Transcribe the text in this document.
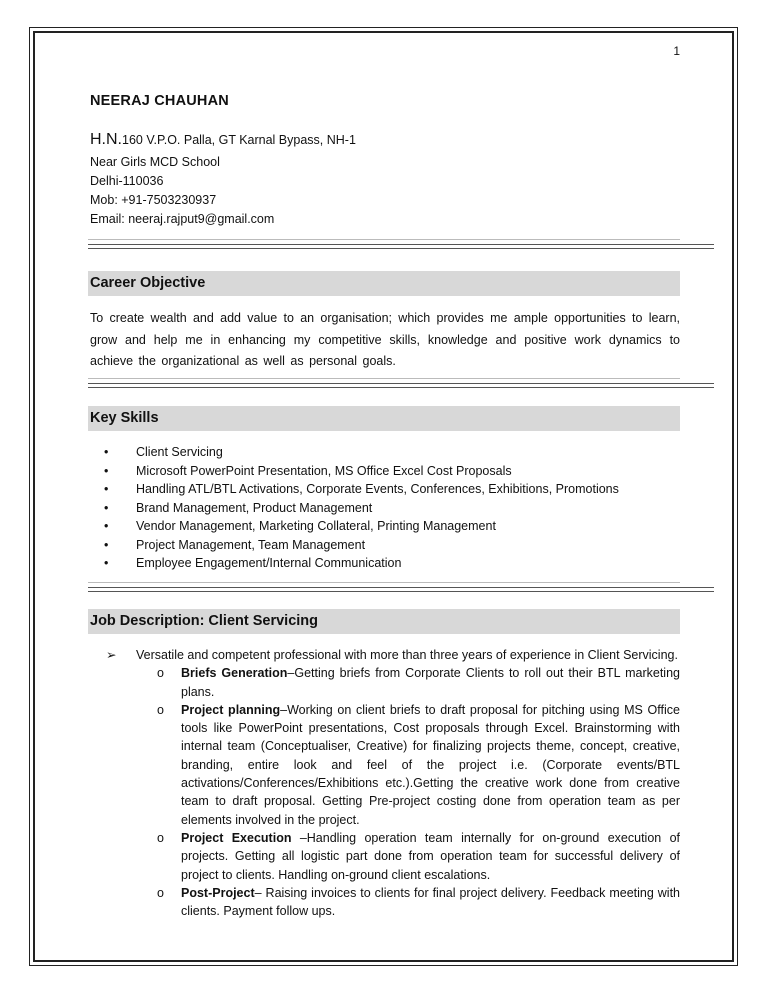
1
NEERAJ CHAUHAN
H.N.160 V.P.O. Palla, GT Karnal Bypass, NH-1
Near Girls MCD School
Delhi-110036
Mob: +91-7503230937
Email: neeraj.rajput9@gmail.com
Career Objective
To create wealth and add value to an organisation; which provides me ample opportunities to learn, grow and help me in enhancing my competitive skills, knowledge and positive work dynamics to achieve the organizational as well as personal goals.
Key Skills
• Client Servicing
• Microsoft PowerPoint Presentation, MS Office Excel Cost Proposals
• Handling ATL/BTL Activations, Corporate Events, Conferences, Exhibitions, Promotions
• Brand Management, Product Management
• Vendor Management, Marketing Collateral, Printing Management
• Project Management, Team Management
• Employee Engagement/Internal Communication
Job Description: Client Servicing
➢ Versatile and competent professional with more than three years of experience in Client Servicing.
o Briefs Generation–Getting briefs from Corporate Clients to roll out their BTL marketing plans.
o Project planning–Working on client briefs to draft proposal for pitching using MS Office tools like PowerPoint presentations, Cost proposals through Excel. Brainstorming with internal team (Conceptualiser, Creative) for finalizing projects theme, concept, creative, branding, entire look and feel of the project i.e. (Corporate events/BTL activations/Conferences/Exhibitions etc.).Getting the creative work done from creative team to draft proposal. Getting Pre-project costing done from operation team as per elements involved in the project.
o Project Execution –Handling operation team internally for on-ground execution of projects. Getting all logistic part done from operation team for successful delivery of project to clients. Handling on-ground client escalations.
o Post-Project– Raising invoices to clients for final project delivery. Feedback meeting with clients. Payment follow ups.
